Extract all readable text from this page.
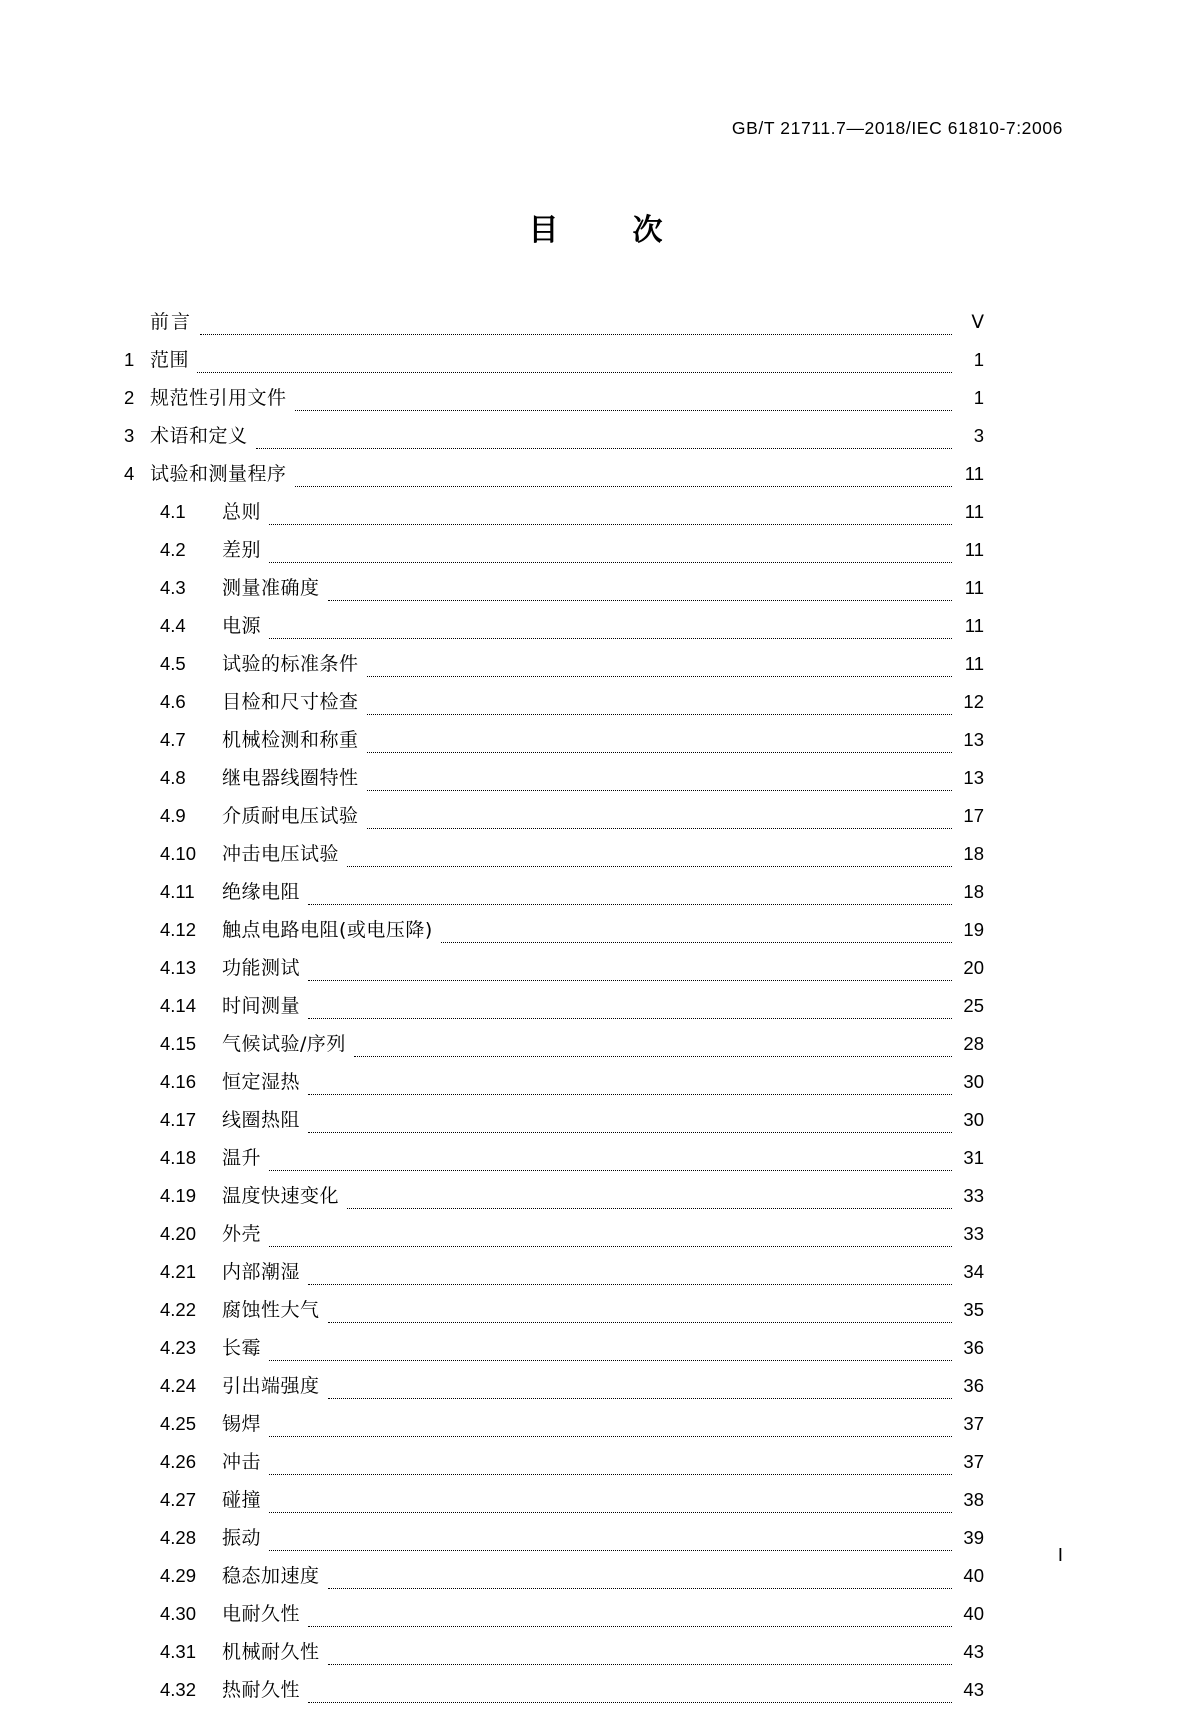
GB/T 21711.7—2018/IEC 61810-7:2006
目　次
前言	Ⅴ
1 范围	1
2 规范性引用文件	1
3 术语和定义	3
4 试验和测量程序	11
4.1	总则	11
4.2	差别	11
4.3	测量准确度	11
4.4	电源	11
4.5	试验的标准条件	11
4.6	目检和尺寸检查	12
4.7	机械检测和称重	13
4.8	继电器线圈特性	13
4.9	介质耐电压试验	17
4.10	冲击电压试验	18
4.11	绝缘电阻	18
4.12	触点电路电阻(或电压降)	19
4.13	功能测试	20
4.14	时间测量	25
4.15	气候试验/序列	28
4.16	恒定湿热	30
4.17	线圈热阻	30
4.18	温升	31
4.19	温度快速变化	33
4.20	外壳	33
4.21	内部潮湿	34
4.22	腐蚀性大气	35
4.23	长霉	36
4.24	引出端强度	36
4.25	锡焊	37
4.26	冲击	37
4.27	碰撞	38
4.28	振动	39
4.29	稳态加速度	40
4.30	电耐久性	40
4.31	机械耐久性	43
4.32	热耐久性	43
Ⅰ
